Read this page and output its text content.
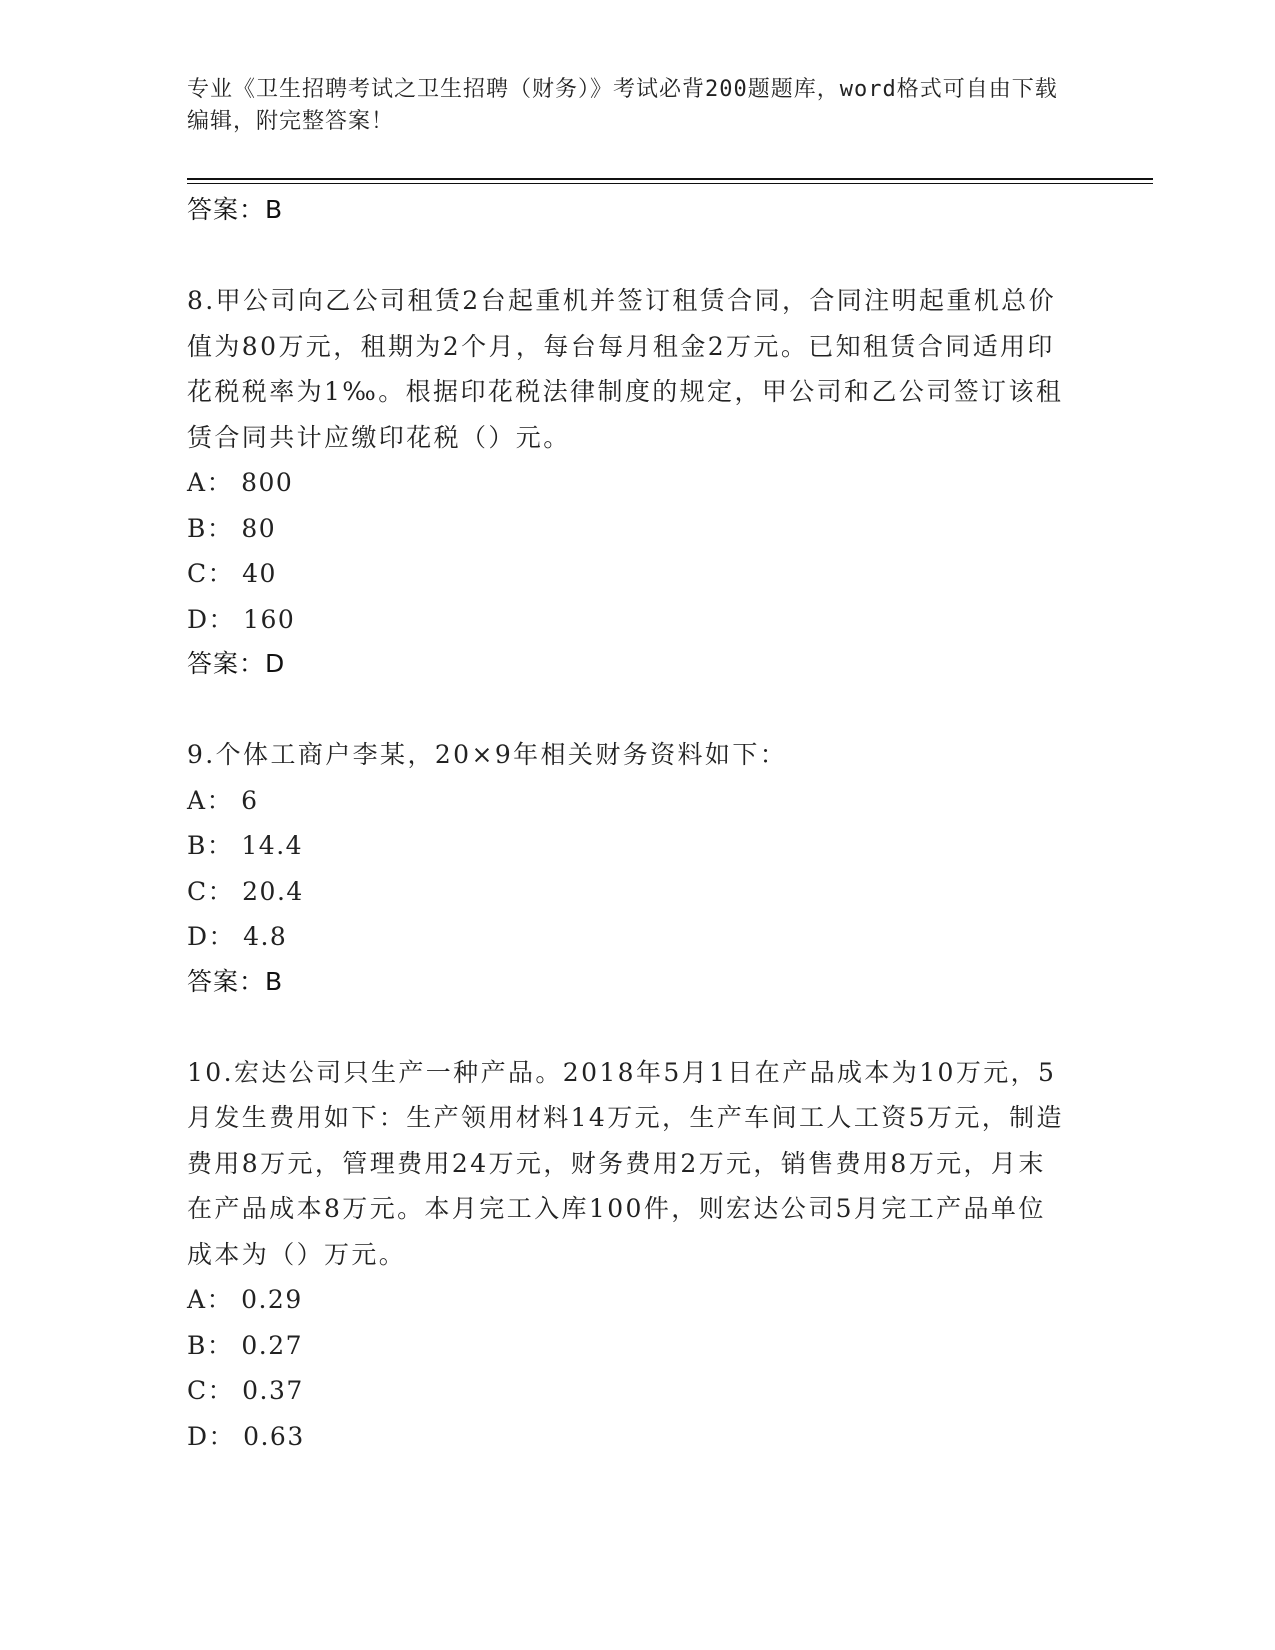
专业《卫生招聘考试之卫生招聘（财务）》考试必背200题题库，word格式可自由下载编辑，附完整答案！
答案：B

8.甲公司向乙公司租赁2台起重机并签订租赁合同，合同注明起重机总价值为80万元，租期为2个月，每台每月租金2万元。已知租赁合同适用印花税税率为1‰。根据印花税法律制度的规定，甲公司和乙公司签订该租赁合同共计应缴印花税（）元。

A： 800
B： 80
C： 40
D： 160
答案：D

9.个体工商户李某，20×9年相关财务资料如下：

A： 6
B： 14.4
C： 20.4
D： 4.8
答案：B

10.宏达公司只生产一种产品。2018年5月1日在产品成本为10万元，5月发生费用如下：生产领用材料14万元，生产车间工人工资5万元，制造费用8万元，管理费用24万元，财务费用2万元，销售费用8万元，月末在产品成本8万元。本月完工入库100件，则宏达公司5月完工产品单位成本为（）万元。

A： 0.29
B： 0.27
C： 0.37
D： 0.63
